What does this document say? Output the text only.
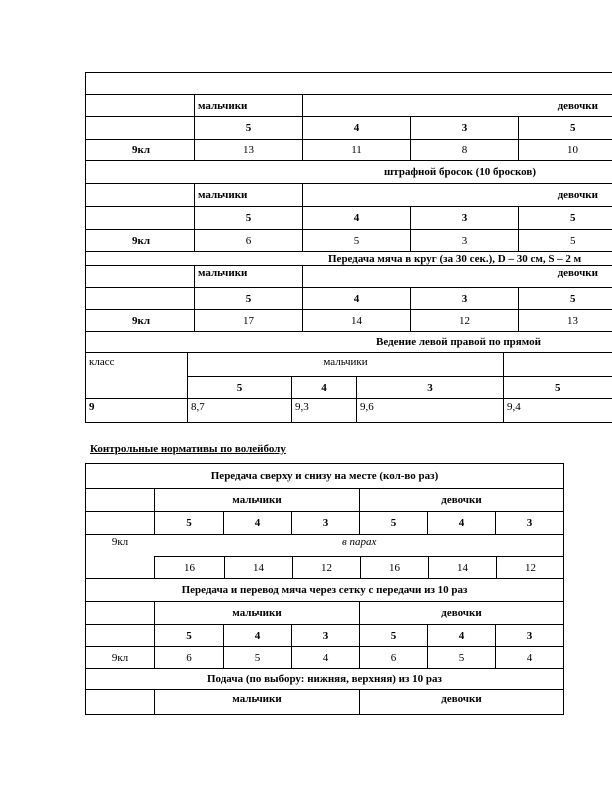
мальчики	девочки
5	4	3	5
9кл	13	11	8	10
штрафной бросок (10 бросков)
мальчики	девочки
5	4	3	5
9кл	6	5	3	5
Передача мяча в круг (за 30 сек.), D – 30 см, S – 2 м
мальчики	девочки
5	4	3	5
9кл	17	14	12	13
Ведение левой правой по прямой
класс	мальчики
5	4	3	5
9	8,7	9,3	9,6	9,4
Контрольные нормативы по волейболу
Передача сверху и снизу на месте (кол-во раз)
мальчики	девочки
5	4	3	5	4	3
9кл	в парах
16	14	12	16	14	12
Передача и перевод мяча через сетку с передачи из 10 раз
мальчики	девочки
5	4	3	5	4	3
9кл	6	5	4	6	5	4
Подача (по выбору: нижняя, верхняя) из 10 раз
мальчики	девочки
